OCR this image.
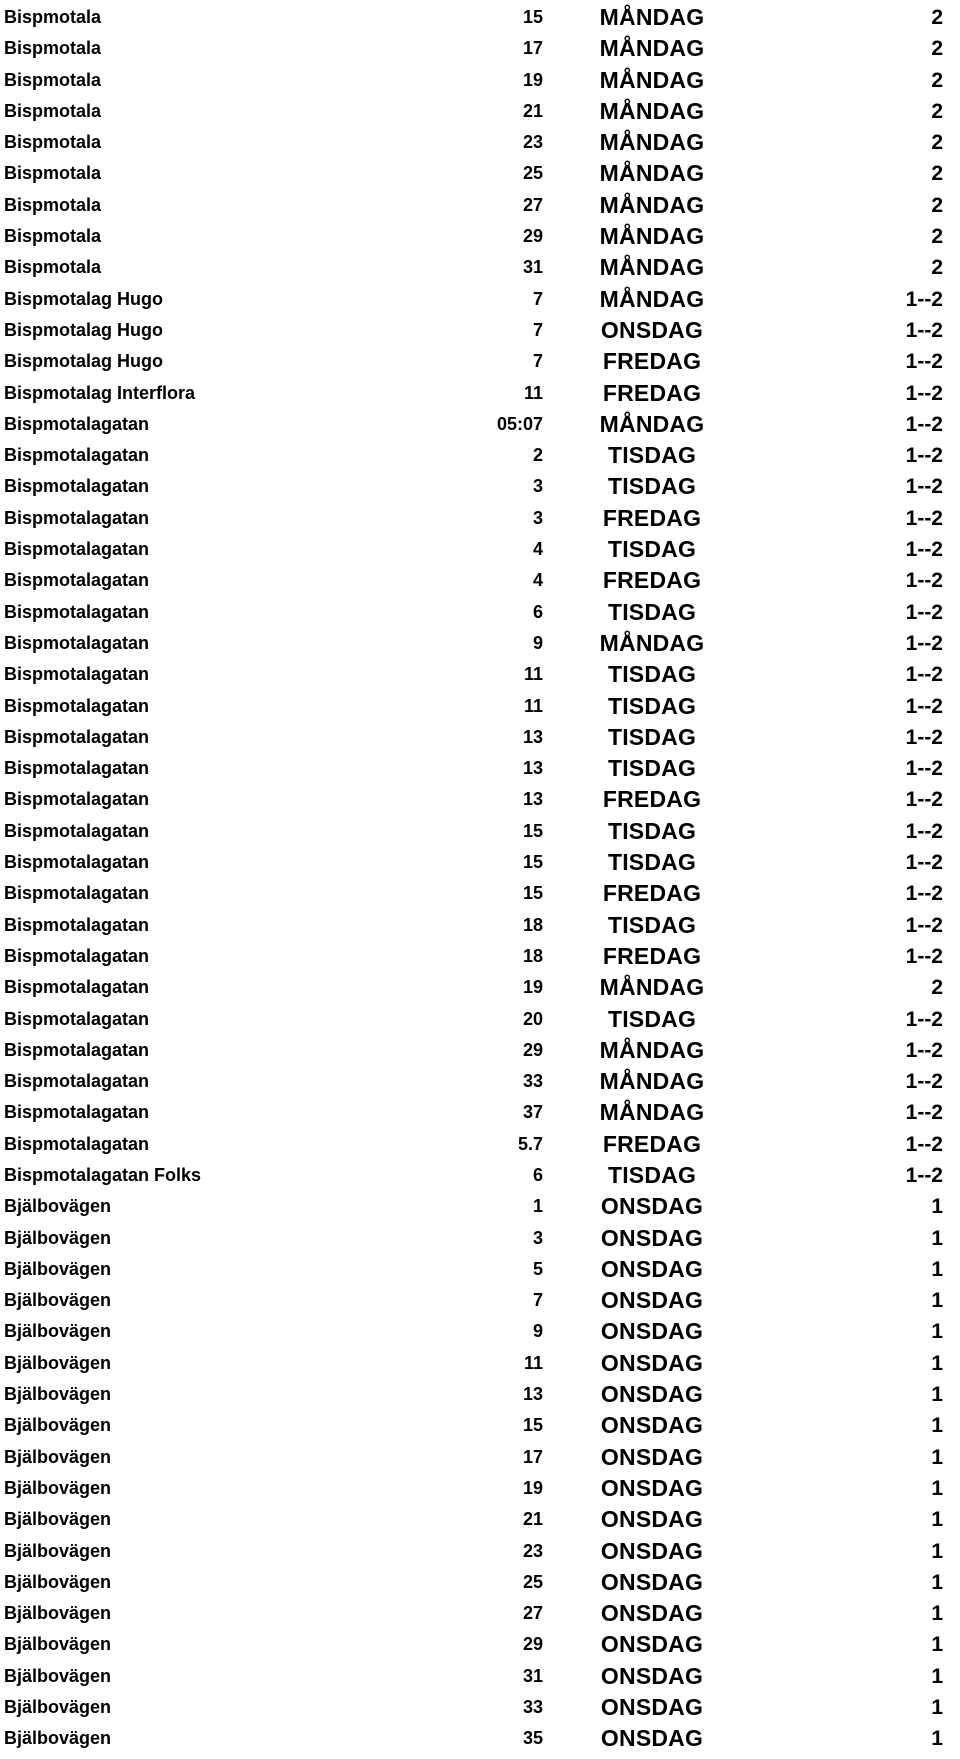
Bispmotala	15 MÅNDAG	2
Bispmotala	17 MÅNDAG	2
Bispmotala	19 MÅNDAG	2
Bispmotala	21 MÅNDAG	2
Bispmotala	23 MÅNDAG	2
Bispmotala	25 MÅNDAG	2
Bispmotala	27 MÅNDAG	2
Bispmotala	29 MÅNDAG	2
Bispmotala	31 MÅNDAG	2
Bispmotalag Hugo	7 MÅNDAG	1--2
Bispmotalag Hugo	7	ONSDAG	1--2
Bispmotalag Hugo	7	FREDAG	1--2
Bispmotalag Interflora	11	FREDAG	1--2
Bispmotalagatan	05:07 MÅNDAG	1--2
Bispmotalagatan	2	TISDAG	1--2
Bispmotalagatan	3	TISDAG	1--2
Bispmotalagatan	3	FREDAG	1--2
Bispmotalagatan	4	TISDAG	1--2
Bispmotalagatan	4	FREDAG	1--2
Bispmotalagatan	6	TISDAG	1--2
Bispmotalagatan	9 MÅNDAG	1--2
Bispmotalagatan	11	TISDAG	1--2
Bispmotalagatan	11	TISDAG	1--2
Bispmotalagatan	13	TISDAG	1--2
Bispmotalagatan	13	TISDAG	1--2
Bispmotalagatan	13	FREDAG	1--2
Bispmotalagatan	15	TISDAG	1--2
Bispmotalagatan	15	TISDAG	1--2
Bispmotalagatan	15	FREDAG	1--2
Bispmotalagatan	18	TISDAG	1--2
Bispmotalagatan	18	FREDAG	1--2
Bispmotalagatan	19 MÅNDAG	2
Bispmotalagatan	20	TISDAG	1--2
Bispmotalagatan	29 MÅNDAG	1--2
Bispmotalagatan	33 MÅNDAG	1--2
Bispmotalagatan	37 MÅNDAG	1--2
Bispmotalagatan	5.7	FREDAG	1--2
Bispmotalagatan Folks	6	TISDAG	1--2
Bjälbovägen	1	ONSDAG	1
Bjälbovägen	3	ONSDAG	1
Bjälbovägen	5	ONSDAG	1
Bjälbovägen	7	ONSDAG	1
Bjälbovägen	9	ONSDAG	1
Bjälbovägen	11	ONSDAG	1
Bjälbovägen	13	ONSDAG	1
Bjälbovägen	15	ONSDAG	1
Bjälbovägen	17	ONSDAG	1
Bjälbovägen	19	ONSDAG	1
Bjälbovägen	21	ONSDAG	1
Bjälbovägen	23	ONSDAG	1
Bjälbovägen	25	ONSDAG	1
Bjälbovägen	27	ONSDAG	1
Bjälbovägen	29	ONSDAG	1
Bjälbovägen	31	ONSDAG	1
Bjälbovägen	33	ONSDAG	1
Bjälbovägen	35	ONSDAG	1
